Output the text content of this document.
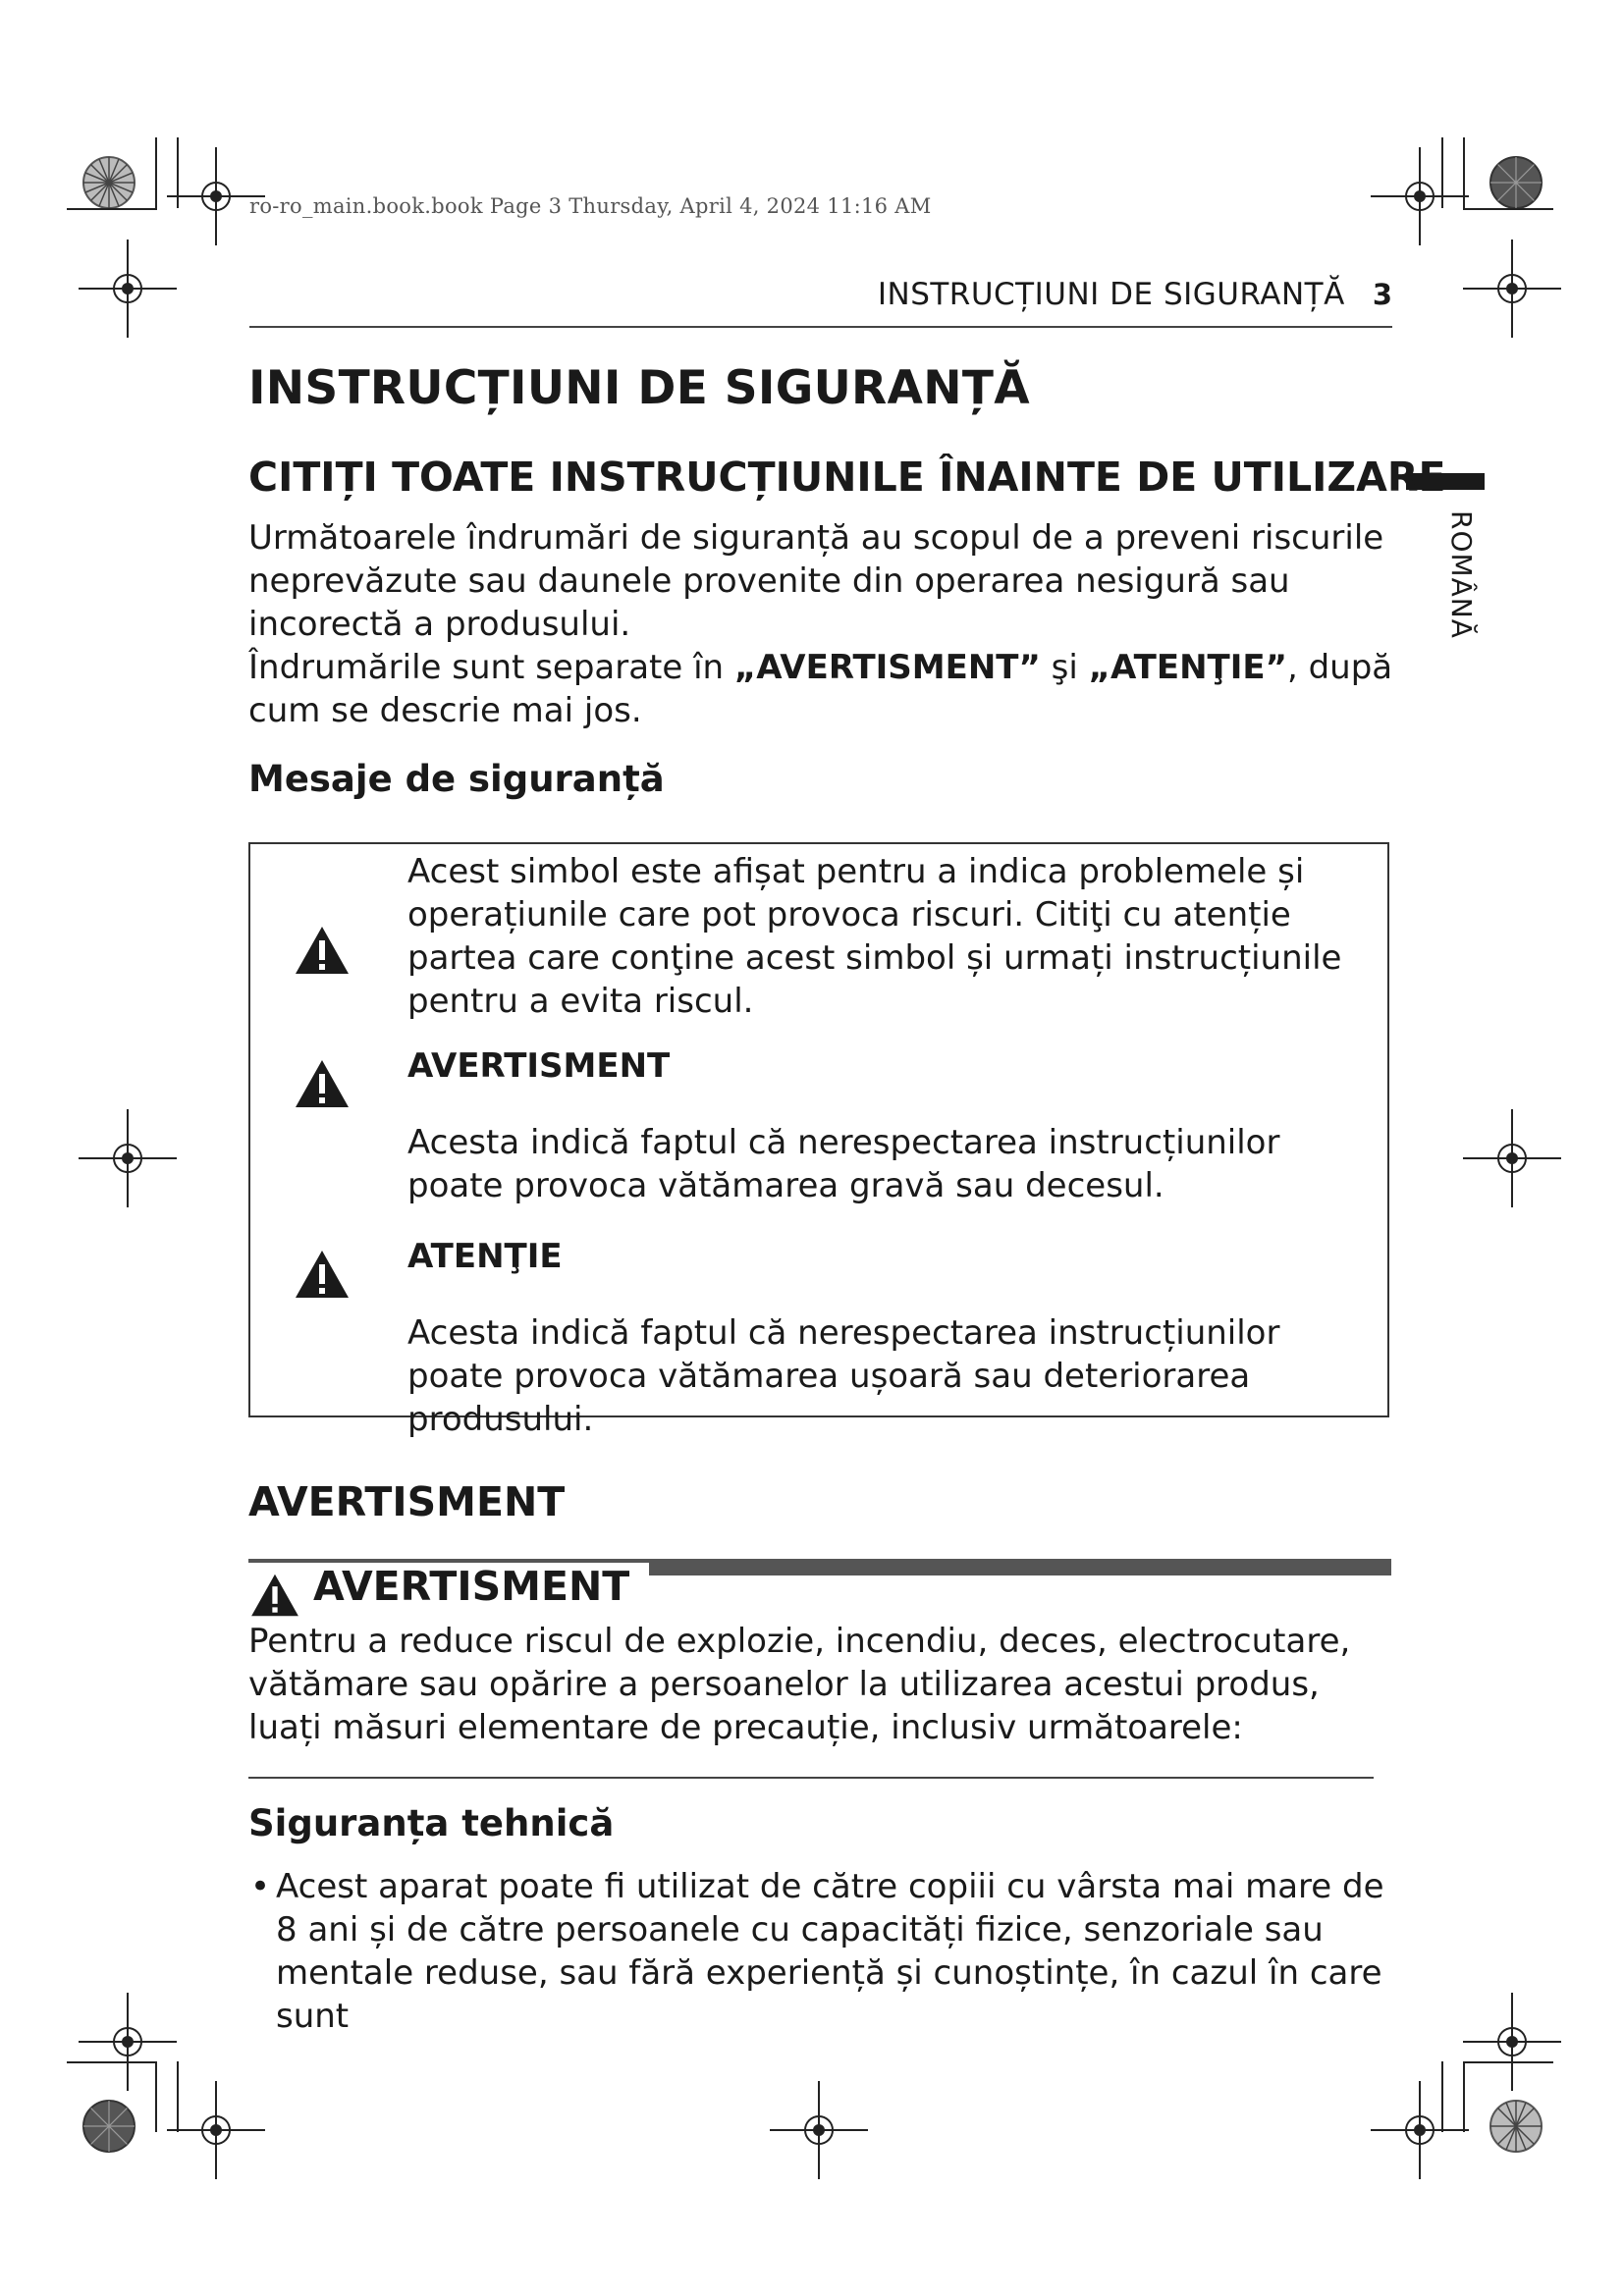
ro-ro_main.book.book Page 3 Thursday, April 4, 2024 11:16 AM
INSTRUCȚIUNI DE SIGURANȚĂ 3
ROMÂNĂ
INSTRUCȚIUNI DE SIGURANȚĂ
CITIȚI TOATE INSTRUCȚIUNILE ÎNAINTE DE UTILIZARE

Următoarele îndrumări de siguranță au scopul de a preveni riscurile neprevăzute sau daunele provenite din operarea nesigură sau incorectă a produsului.

Îndrumările sunt separate în „AVERTISMENT” şi „ATENŢIE”, după cum se descrie mai jos.

Mesaje de siguranță
Acest simbol este afișat pentru a indica problemele și operațiunile care pot provoca riscuri. Citiţi cu atenție partea care conţine acest simbol și urmați instrucțiunile pentru a evita riscul.
AVERTISMENT
Acesta indică faptul că nerespectarea instrucțiunilor poate provoca vătămarea gravă sau decesul.
ATENŢIE
Acesta indică faptul că nerespectarea instrucțiunilor poate provoca vătămarea ușoară sau deteriorarea produsului.
AVERTISMENT
AVERTISMENT
Pentru a reduce riscul de explozie, incendiu, deces, electrocutare, vătămare sau opărire a persoanelor la utilizarea acestui produs, luați măsuri elementare de precauție, inclusiv următoarele:
Siguranța tehnică
• Acest aparat poate fi utilizat de către copiii cu vârsta mai mare de 8 ani și de către persoanele cu capacități fizice, senzoriale sau mentale reduse, sau fără experiență și cunoștințe, în cazul în care sunt
